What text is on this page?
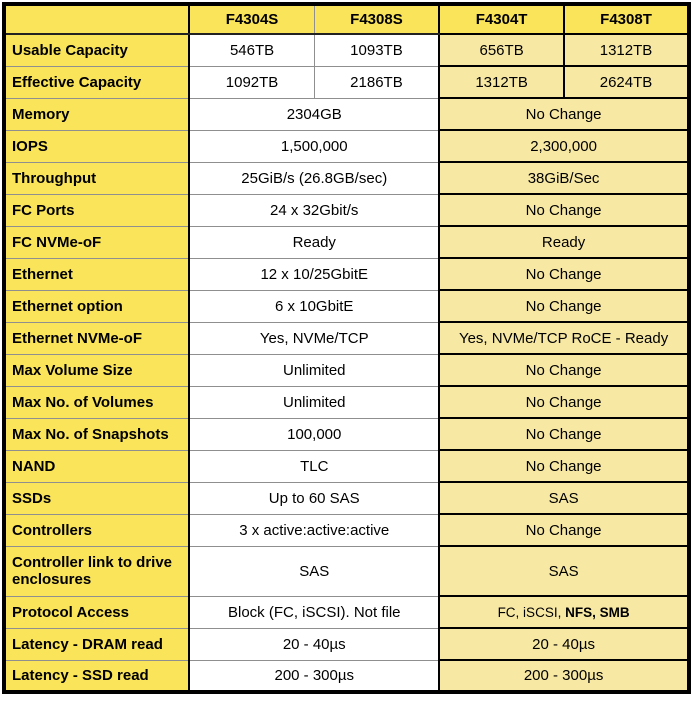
	F4304S	F4308S	F4304T	F4308T
Usable Capacity	546TB	1093TB	656TB	1312TB
Effective Capacity	1092TB	2186TB	1312TB	2624TB
Memory	2304GB		No Change	
IOPS	1,500,000		2,300,000	
Throughput	25GiB/s (26.8GB/sec)		38GiB/Sec	
FC Ports	24 x 32Gbit/s		No Change	
FC NVMe-oF	Ready		Ready	
Ethernet	12 x 10/25GbitE		No Change	
Ethernet option	6 x 10GbitE		No Change	
Ethernet NVMe-oF	Yes, NVMe/TCP		Yes, NVMe/TCP RoCE - Ready	
Max Volume Size	Unlimited		No Change	
Max No. of Volumes	Unlimited		No Change	
Max No. of Snapshots	100,000		No Change	
NAND	TLC		No Change	
SSDs	Up to 60 SAS		SAS	
Controllers	3 x active:active:active		No Change	
Controller link to drive enclosures	SAS		SAS	
Protocol Access	Block (FC, iSCSI). Not file		FC, iSCSI, NFS, SMB	
Latency - DRAM read	20 - 40µs		20 - 40µs	
Latency - SSD read	200 - 300µs		200 - 300µs	
